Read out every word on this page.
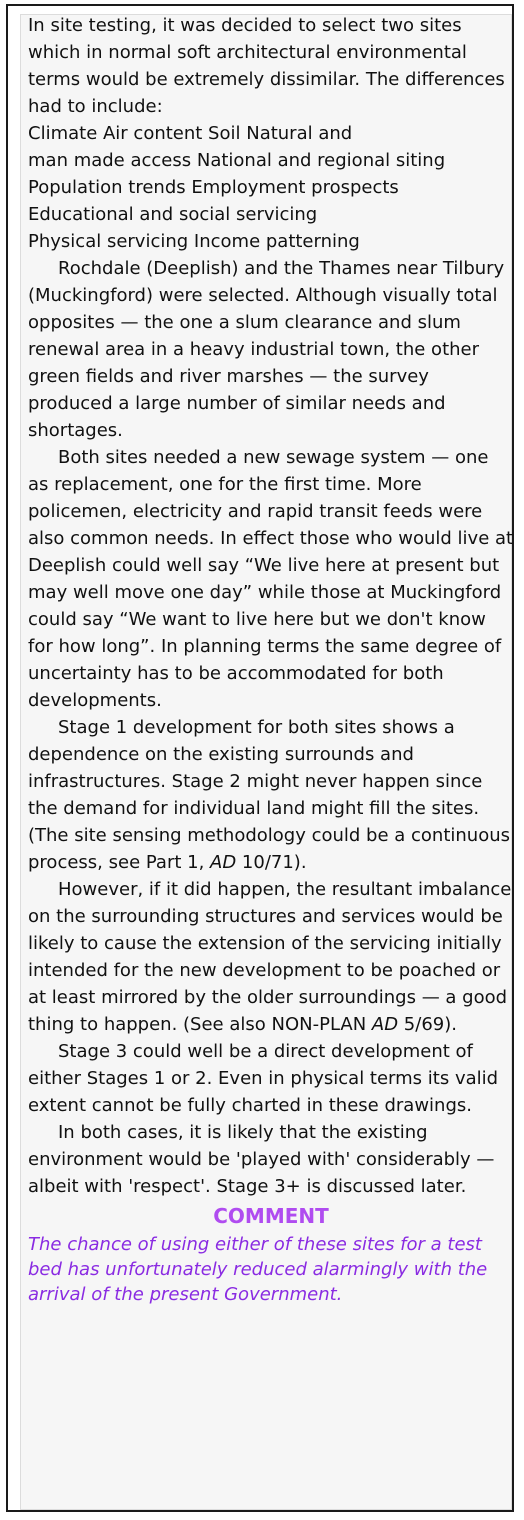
In site testing, it was decided to select two sites which in normal soft architectural environmental terms would be extremely dissimilar. The differences had to include:

Climate Air content Soil Natural and

man made access National and regional siting

Population trends Employment prospects

Educational and social servicing

Physical servicing Income patterning

Rochdale (Deeplish) and the Thames near Tilbury (Muckingford) were selected. Although visually total opposites — the one a slum clearance and slum renewal area in a heavy industrial town, the other green fields and river marshes — the survey produced a large number of similar needs and shortages.

Both sites needed a new sewage system — one as replacement, one for the first time. More policemen, electricity and rapid transit feeds were also common needs. In effect those who would live at Deeplish could well say “We live here at present but may well move one day” while those at Muckingford could say “We want to live here but we don't know for how long”. In planning terms the same degree of uncertainty has to be accommodated for both developments.

Stage 1 development for both sites shows a dependence on the existing surrounds and infrastructures. Stage 2 might never happen since the demand for individual land might fill the sites. (The site sensing methodology could be a continuous process, see Part 1, AD 10/71).

However, if it did happen, the resultant imbalance on the surrounding structures and services would be likely to cause the extension of the servicing initially intended for the new development to be poached or at least mirrored by the older surroundings — a good thing to happen. (See also NON-PLAN AD 5/69).

Stage 3 could well be a direct development of either Stages 1 or 2. Even in physical terms its valid extent cannot be fully charted in these drawings.

In both cases, it is likely that the existing environment would be 'played with' considerably — albeit with 'respect'. Stage 3+ is discussed later.

COMMENT

The chance of using either of these sites for a test bed has unfortunately reduced alarmingly with the arrival of the present Government.
